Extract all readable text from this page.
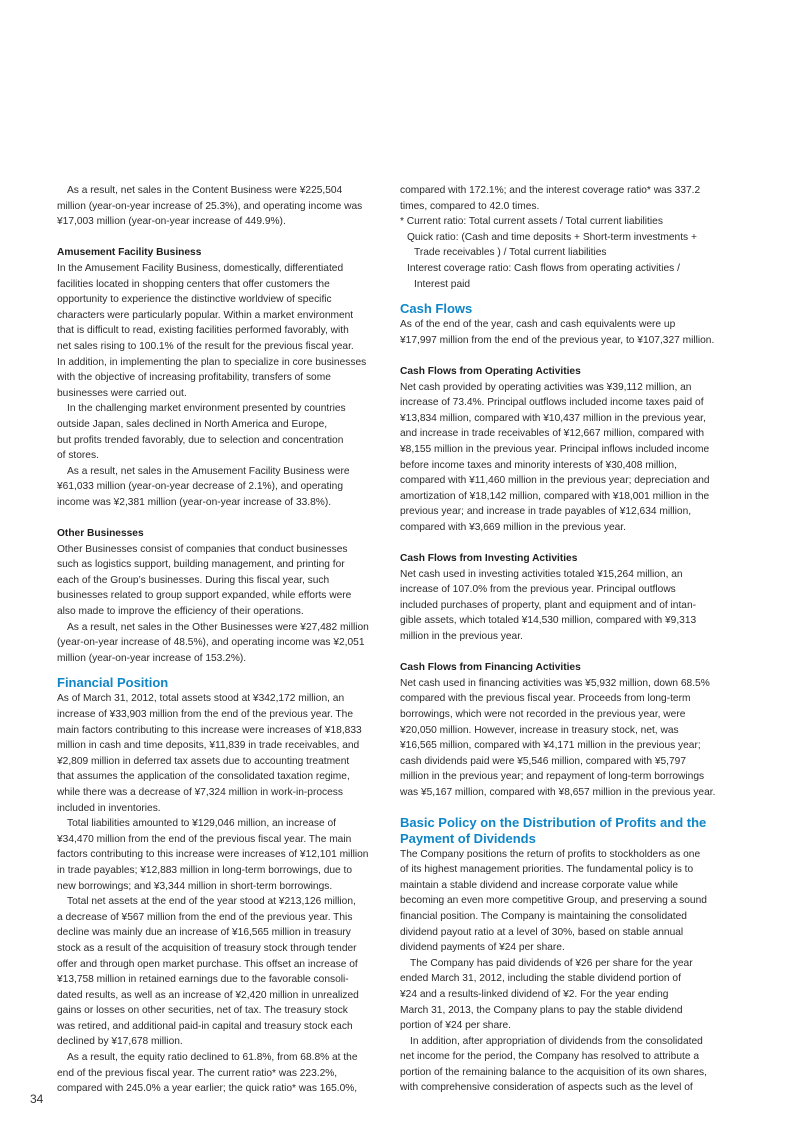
As a result, net sales in the Content Business were ¥225,504
million (year-on-year increase of 25.3%), and operating income was
¥17,003 million (year-on-year increase of 449.9%).

Amusement Facility Business

In the Amusement Facility Business, domestically, differentiated
facilities located in shopping centers that offer customers the
opportunity to experience the distinctive worldview of specific
characters were particularly popular. Within a market environment
that is difficult to read, existing facilities performed favorably, with
net sales rising to 100.1% of the result for the previous fiscal year.
In addition, in implementing the plan to specialize in core businesses
with the objective of increasing profitability, transfers of some
businesses were carried out.

In the challenging market environment presented by countries
outside Japan, sales declined in North America and Europe,
but profits trended favorably, due to selection and concentration
of stores.

As a result, net sales in the Amusement Facility Business were
¥61,033 million (year-on-year decrease of 2.1%), and operating
income was ¥2,381 million (year-on-year increase of 33.8%).

Other Businesses

Other Businesses consist of companies that conduct businesses
such as logistics support, building management, and printing for
each of the Group’s businesses. During this fiscal year, such
businesses related to group support expanded, while efforts were
also made to improve the efficiency of their operations.

As a result, net sales in the Other Businesses were ¥27,482 million
(year-on-year increase of 48.5%), and operating income was ¥2,051
million (year-on-year increase of 153.2%).

Financial Position

As of March 31, 2012, total assets stood at ¥342,172 million, an
increase of ¥33,903 million from the end of the previous year. The
main factors contributing to this increase were increases of ¥18,833
million in cash and time deposits, ¥11,839 in trade receivables, and
¥2,809 million in deferred tax assets due to accounting treatment
that assumes the application of the consolidated taxation regime,
while there was a decrease of ¥7,324 million in work-in-process
included in inventories.

Total liabilities amounted to ¥129,046 million, an increase of
¥34,470 million from the end of the previous fiscal year. The main
factors contributing to this increase were increases of ¥12,101 million
in trade payables; ¥12,883 million in long-term borrowings, due to
new borrowings; and ¥3,344 million in short-term borrowings.

Total net assets at the end of the year stood at ¥213,126 million,
a decrease of ¥567 million from the end of the previous year. This
decline was mainly due an increase of ¥16,565 million in treasury
stock as a result of the acquisition of treasury stock through tender
offer and through open market purchase. This offset an increase of
¥13,758 million in retained earnings due to the favorable consoli-
dated results, as well as an increase of ¥2,420 million in unrealized
gains or losses on other securities, net of tax. The treasury stock
was retired, and additional paid-in capital and treasury stock each
declined by ¥17,678 million.

As a result, the equity ratio declined to 61.8%, from 68.8% at the
end of the previous fiscal year. The current ratio* was 223.2%,
compared with 245.0% a year earlier; the quick ratio* was 165.0%,

compared with 172.1%; and the interest coverage ratio* was 337.2
times, compared to 42.0 times.

* Current ratio: Total current assets / Total current liabilities

Quick ratio: (Cash and time deposits + Short-term investments +

Trade receivables ) / Total current liabilities

Interest coverage ratio: Cash flows from operating activities /

Interest paid

Cash Flows

As of the end of the year, cash and cash equivalents were up
¥17,997 million from the end of the previous year, to ¥107,327 million.

Cash Flows from Operating Activities

Net cash provided by operating activities was ¥39,112 million, an
increase of 73.4%. Principal outflows included income taxes paid of
¥13,834 million, compared with ¥10,437 million in the previous year,
and increase in trade receivables of ¥12,667 million, compared with
¥8,155 million in the previous year. Principal inflows included income
before income taxes and minority interests of ¥30,408 million,
compared with ¥11,460 million in the previous year; depreciation and
amortization of ¥18,142 million, compared with ¥18,001 million in the
previous year; and increase in trade payables of ¥12,634 million,
compared with ¥3,669 million in the previous year.

Cash Flows from Investing Activities

Net cash used in investing activities totaled ¥15,264 million, an
increase of 107.0% from the previous year. Principal outflows
included purchases of property, plant and equipment and of intan-
gible assets, which totaled ¥14,530 million, compared with ¥9,313
million in the previous year.

Cash Flows from Financing Activities

Net cash used in financing activities was ¥5,932 million, down 68.5%
compared with the previous fiscal year. Proceeds from long-term
borrowings, which were not recorded in the previous year, were
¥20,050 million. However, increase in treasury stock, net, was
¥16,565 million, compared with ¥4,171 million in the previous year;
cash dividends paid were ¥5,546 million, compared with ¥5,797
million in the previous year; and repayment of long-term borrowings
was ¥5,167 million, compared with ¥8,657 million in the previous year.

Basic Policy on the Distribution of Profits and the
Payment of Dividends

The Company positions the return of profits to stockholders as one
of its highest management priorities. The fundamental policy is to
maintain a stable dividend and increase corporate value while
becoming an even more competitive Group, and preserving a sound
financial position. The Company is maintaining the consolidated
dividend payout ratio at a level of 30%, based on stable annual
dividend payments of ¥24 per share.

The Company has paid dividends of ¥26 per share for the year
ended March 31, 2012, including the stable dividend portion of
¥24 and a results-linked dividend of ¥2. For the year ending
March 31, 2013, the Company plans to pay the stable dividend
portion of ¥24 per share.

In addition, after appropriation of dividends from the consolidated
net income for the period, the Company has resolved to attribute a
portion of the remaining balance to the acquisition of its own shares,
with comprehensive consideration of aspects such as the level of

34
